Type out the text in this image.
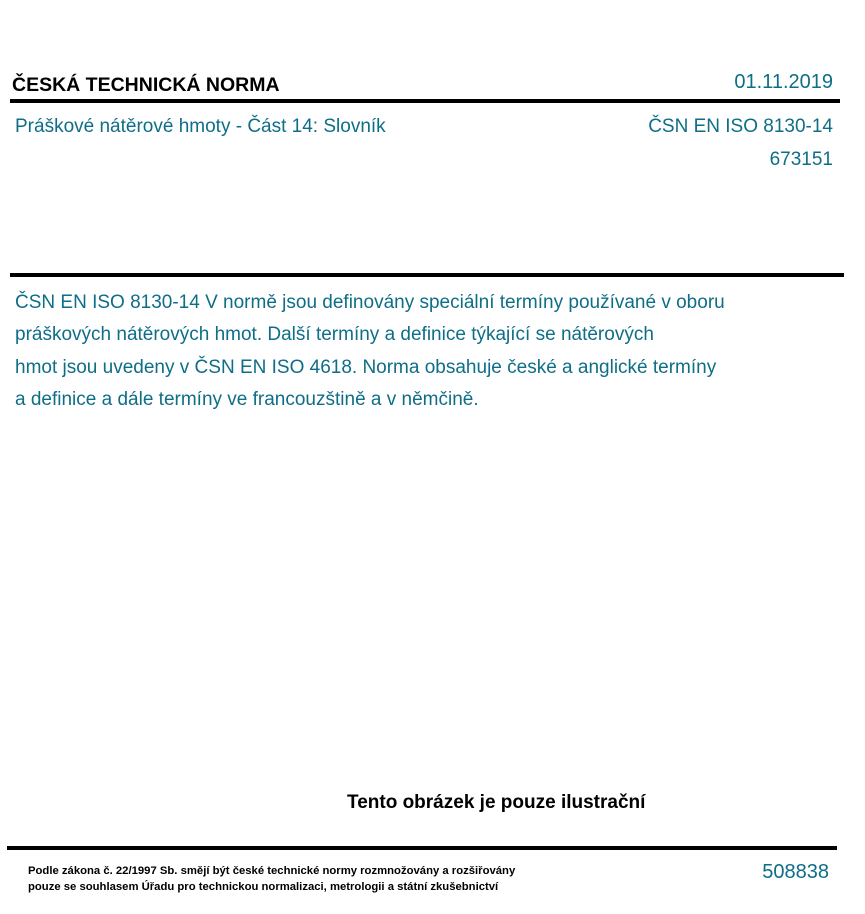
ČESKÁ TECHNICKÁ NORMA	01.11.2019
Práškové nátěrové hmoty - Část 14: Slovník	ČSN EN ISO 8130-14
673151
ČSN EN ISO 8130-14 V normě jsou definovány speciální termíny používané v oboru
práškových nátěrových hmot. Další termíny a definice týkající se nátěrových
hmot jsou uvedeny v ČSN EN ISO 4618. Norma obsahuje české a anglické termíny
a definice a dále termíny ve francouzštině a v němčině.
Tento obrázek je pouze ilustrační
Podle zákona č. 22/1997 Sb. smějí být české technické normy rozmnožovány a rozšiřovány
pouze se souhlasem Úřadu pro technickou normalizaci, metrologii a státní zkušebnictví
508838
